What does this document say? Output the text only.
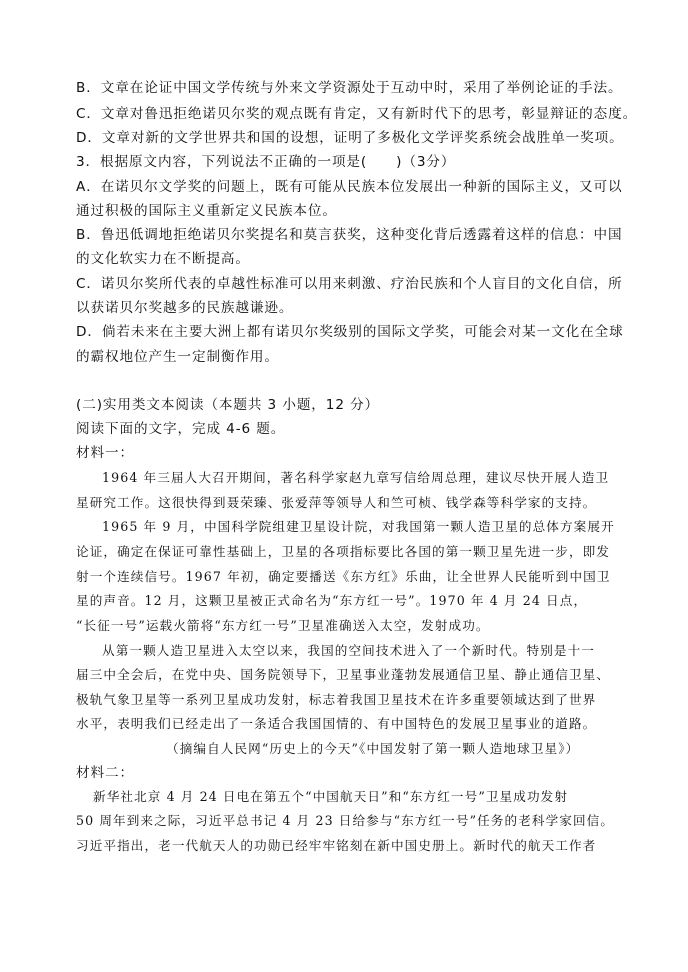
B．文章在论证中国文学传统与外来文学资源处于互动中时，采用了举例论证的手法。
C．文章对鲁迅拒绝诺贝尔奖的观点既有肯定，又有新时代下的思考，彰显辩证的态度。
D．文章对新的文学世界共和国的设想，证明了多极化文学评奖系统会战胜单一奖项。
3．根据原文内容，下列说法不正确的一项是(　　)（3分）
A．在诺贝尔文学奖的问题上，既有可能从民族本位发展出一种新的国际主义，又可以
通过积极的国际主义重新定义民族本位。
B．鲁迅低调地拒绝诺贝尔奖提名和莫言获奖，这种变化背后透露着这样的信息：中国
的文化软实力在不断提高。
C．诺贝尔奖所代表的卓越性标准可以用来刺激、疗治民族和个人盲目的文化自信，所
以获诺贝尔奖越多的民族越谦逊。
D．倘若未来在主要大洲上都有诺贝尔奖级别的国际文学奖，可能会对某一文化在全球
的霸权地位产生一定制衡作用。
(二)实用类文本阅读（本题共 3 小题，12 分）
阅读下面的文字，完成 4-6 题。
材料一：
1964 年三届人大召开期间，著名科学家赵九章写信给周总理，建议尽快开展人造卫
星研究工作。这很快得到聂荣臻、张爱萍等领导人和竺可桢、钱学森等科学家的支持。
1965 年 9 月，中国科学院组建卫星设计院，对我国第一颗人造卫星的总体方案展开
论证，确定在保证可靠性基础上，卫星的各项指标要比各国的第一颗卫星先进一步，即发
射一个连续信号。1967 年初，确定要播送《东方红》乐曲，让全世界人民能听到中国卫
星的声音。12 月，这颗卫星被正式命名为“东方红一号”。1970 年 4 月 24 日点，
“长征一号”运载火箭将“东方红一号”卫星准确送入太空，发射成功。
从第一颗人造卫星进入太空以来，我国的空间技术进入了一个新时代。特别是十一
届三中全会后，在党中央、国务院领导下，卫星事业蓬勃发展通信卫星、静止通信卫星、
极轨气象卫星等一系列卫星成功发射，标志着我国卫星技术在许多重要领域达到了世界
水平，表明我们已经走出了一条适合我国国情的、有中国特色的发展卫星事业的道路。
（摘编自人民网“历史上的今天”《中国发射了第一颗人造地球卫星》）
材料二：
新华社北京 4 月 24 日电在第五个“中国航天日”和“东方红一号”卫星成功发射
50 周年到来之际，习近平总书记 4 月 23 日给参与“东方红一号”任务的老科学家回信。
习近平指出，老一代航天人的功勋已经牢牢铭刻在新中国史册上。新时代的航天工作者
